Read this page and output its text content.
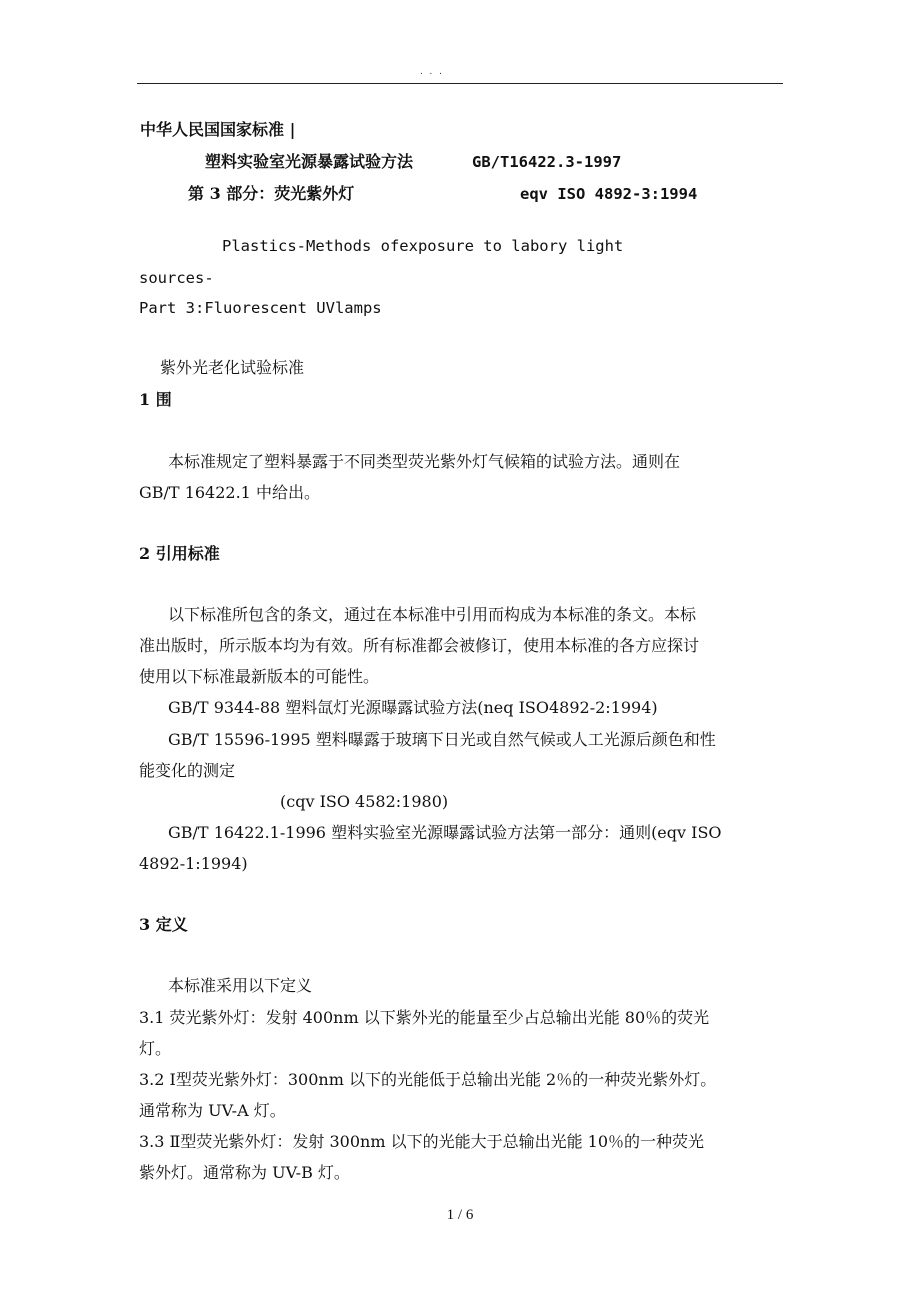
. . .
中华人民国国家标准 |
塑料实验室光源暴露试验方法	GB/T16422.3-1997
第 3 部分：荧光紫外灯	eqv ISO 4892-3:1994
Plastics-Methods ofexposure to labory light
sources-
Part 3:Fluorescent UVlamps
紫外光老化试验标准
1 围
本标准规定了塑料暴露于不同类型荧光紫外灯气候箱的试验方法。通则在
GB/T 16422.1 中给出。
2 引用标准
以下标准所包含的条文，通过在本标准中引用而构成为本标准的条文。本标
准出版时，所示版本均为有效。所有标准都会被修订，使用本标准的各方应探讨
使用以下标准最新版本的可能性。
GB/T 9344-88 塑料氙灯光源曝露试验方法(neq ISO4892-2:1994)
GB/T 15596-1995 塑料曝露于玻璃下日光或自然气候或人工光源后颜色和性
能变化的测定
(cqv ISO 4582:1980)
GB/T 16422.1-1996 塑料实验室光源曝露试验方法第一部分：通则(eqv ISO
4892-1:1994)
3 定义
本标准采用以下定义
3.1 荧光紫外灯：发射 400nm 以下紫外光的能量至少占总输出光能 80％的荧光
灯。
3.2 Ⅰ型荧光紫外灯：300nm 以下的光能低于总输出光能 2％的一种荧光紫外灯。
通常称为 UV-A 灯。
3.3 Ⅱ型荧光紫外灯：发射 300nm 以下的光能大于总输出光能 10％的一种荧光
紫外灯。通常称为 UV-B 灯。
1 / 6
